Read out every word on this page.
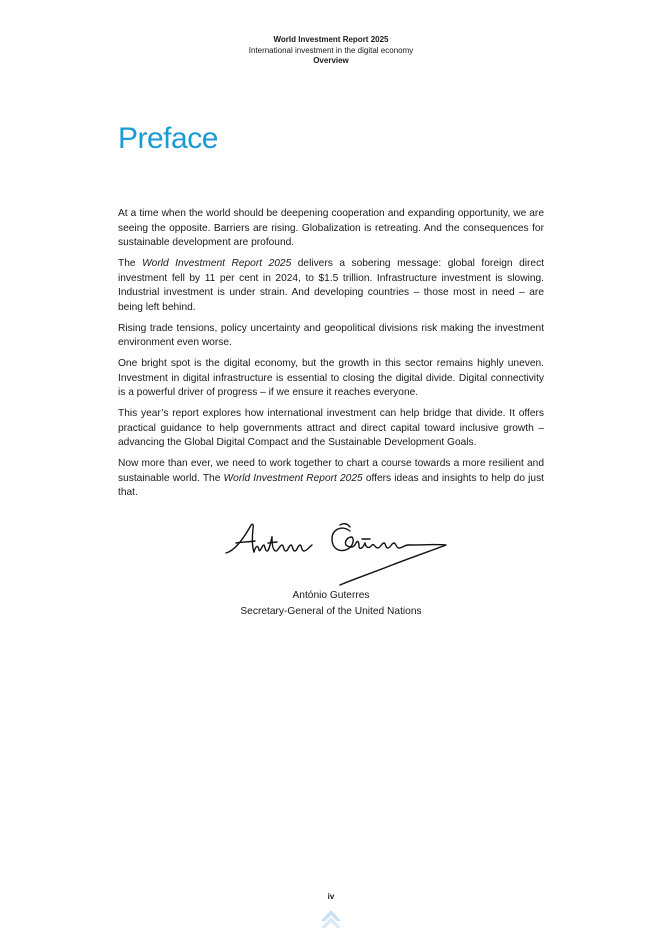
World Investment Report 2025
International investment in the digital economy
Overview
Preface

At a time when the world should be deepening cooperation and expanding opportunity, we are seeing the opposite. Barriers are rising. Globalization is retreating. And the consequences for sustainable development are profound.

The World Investment Report 2025 delivers a sobering message: global foreign direct investment fell by 11 per cent in 2024, to $1.5 trillion. Infrastructure investment is slowing. Industrial investment is under strain. And developing countries – those most in need – are being left behind.

Rising trade tensions, policy uncertainty and geopolitical divisions risk making the investment environment even worse.

One bright spot is the digital economy, but the growth in this sector remains highly uneven. Investment in digital infrastructure is essential to closing the digital divide. Digital connectivity is a powerful driver of progress – if we ensure it reaches everyone.

This year’s report explores how international investment can help bridge that divide. It offers practical guidance to help governments attract and direct capital toward inclusive growth – advancing the Global Digital Compact and the Sustainable Development Goals.

Now more than ever, we need to work together to chart a course towards a more resilient and sustainable world. The World Investment Report 2025 offers ideas and insights to help do just that.

António Guterres
Secretary-General of the United Nations
iv
